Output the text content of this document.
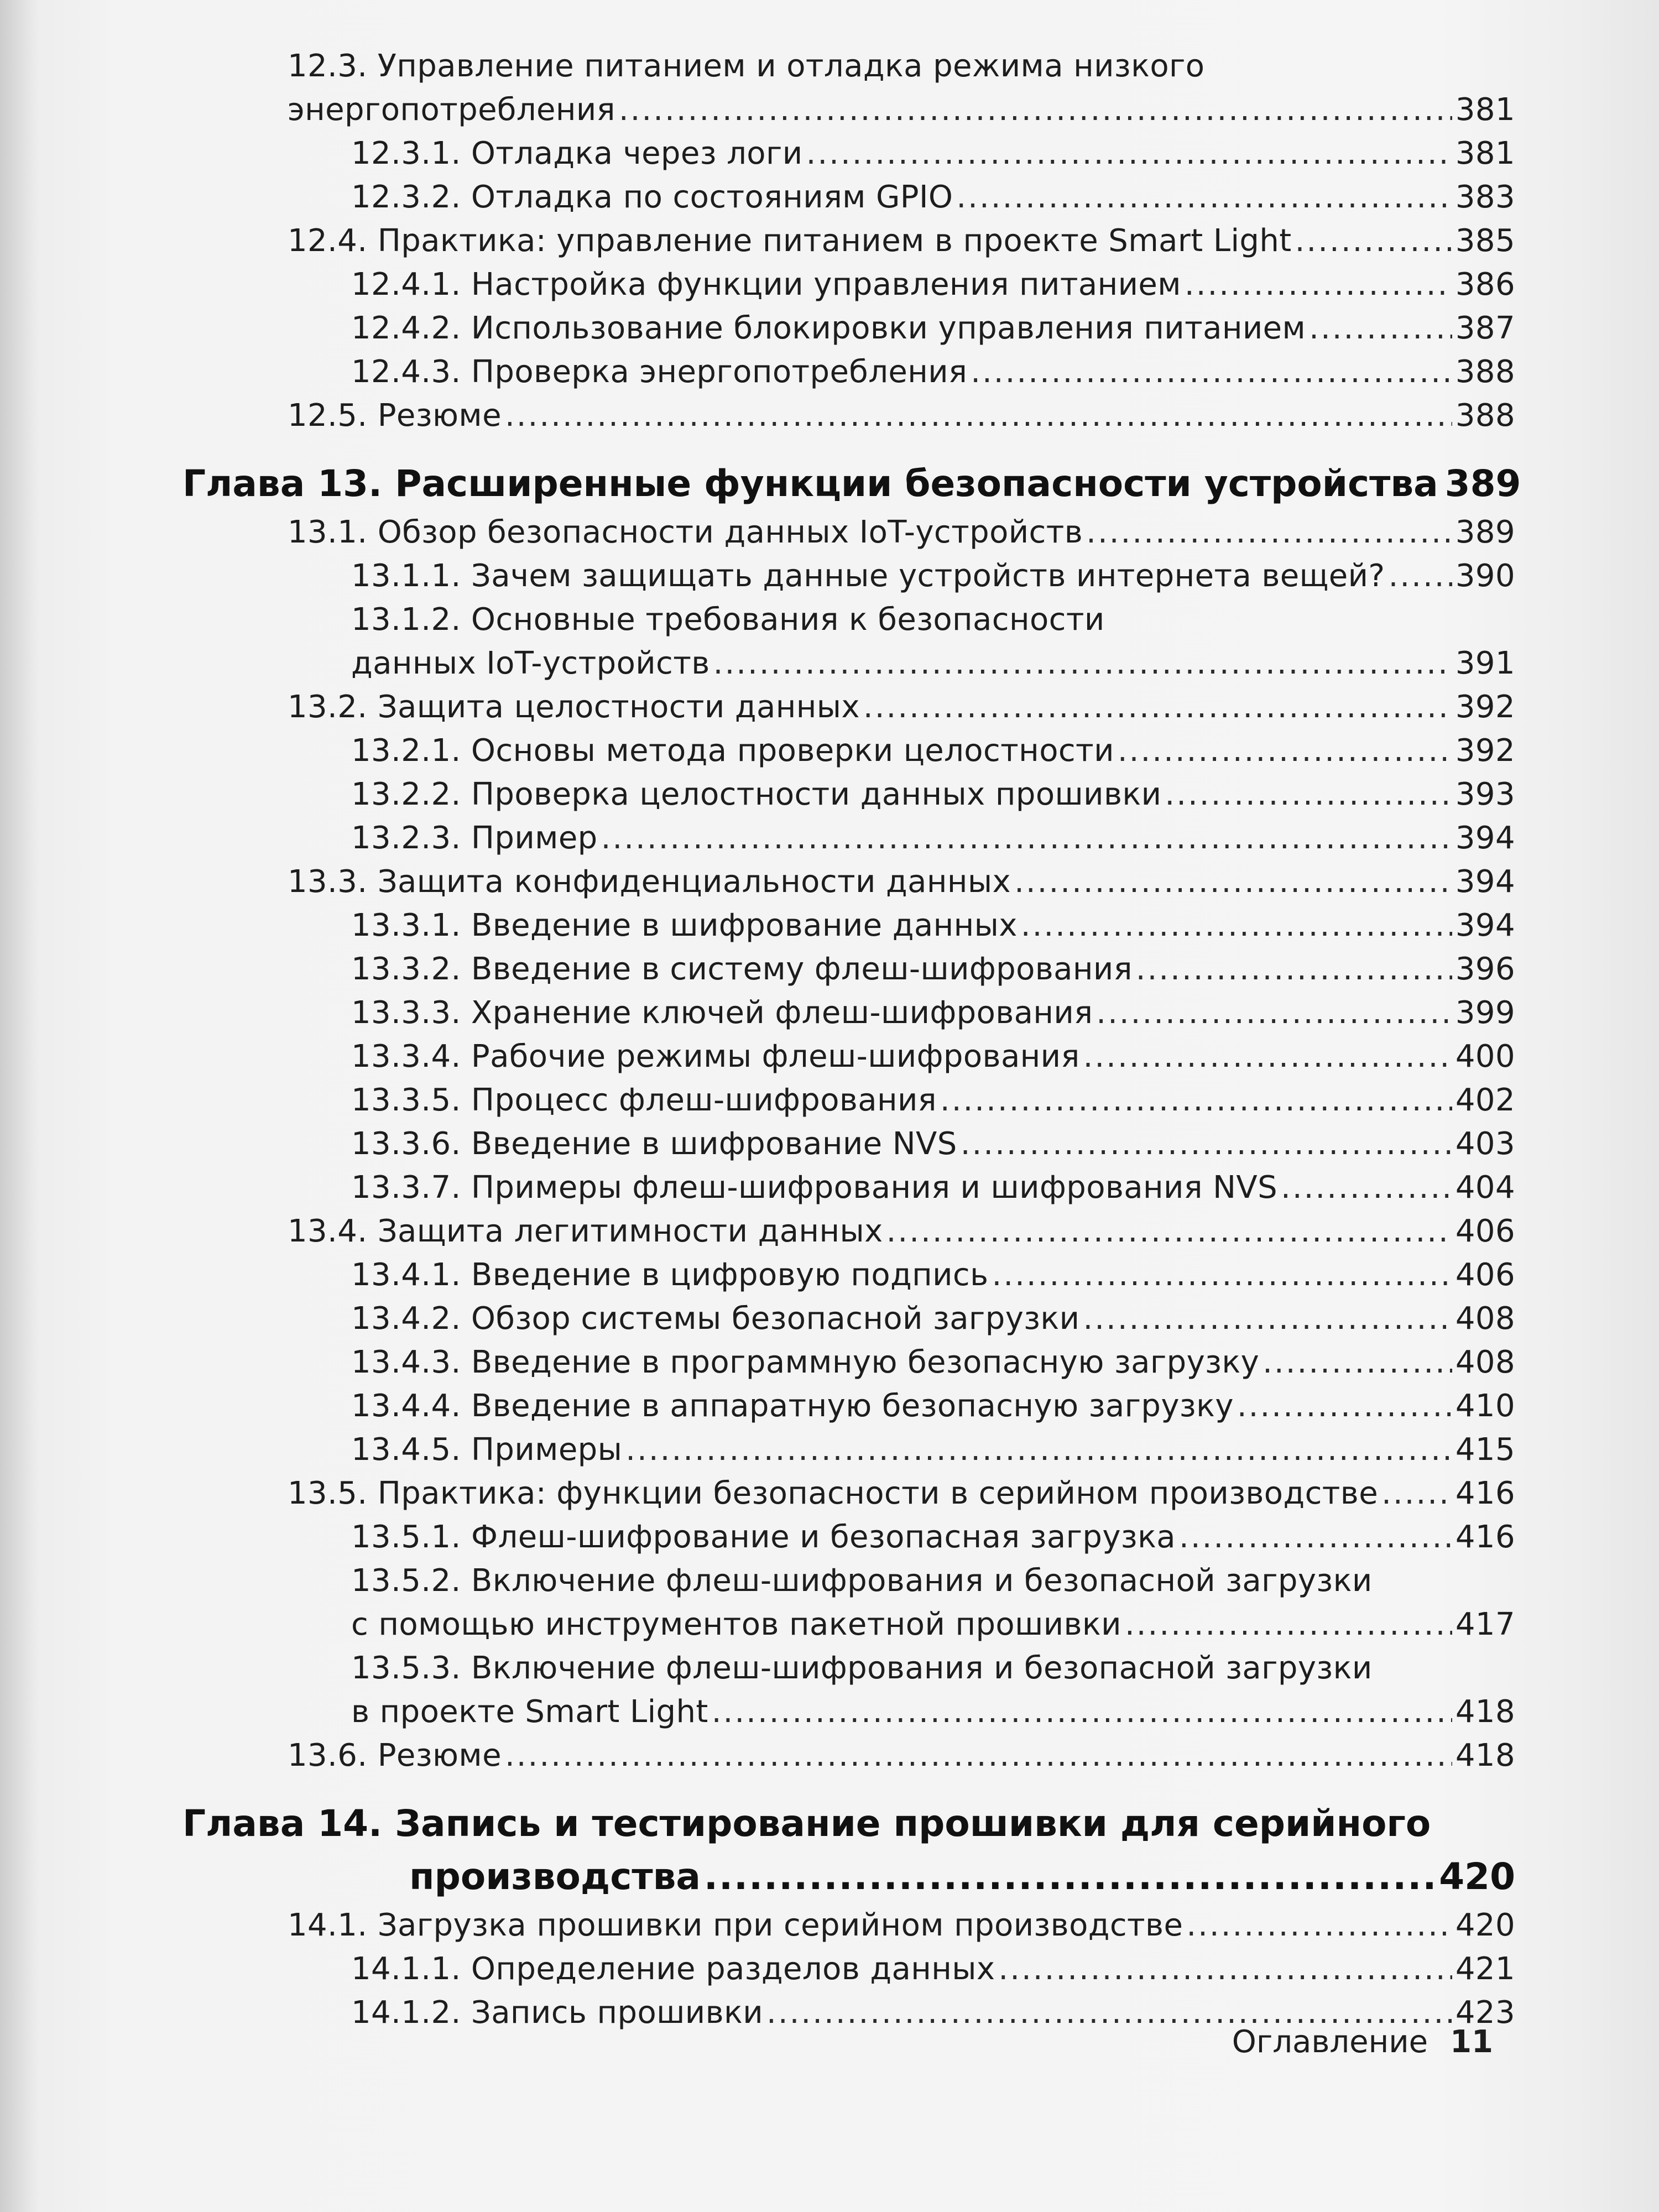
12.3. Управление питанием и отладка режима низкого
энергопотребления .....	381
12.3.1. Отладка через логи .....	381
12.3.2. Отладка по состояниям GPIO .....	383
12.4. Практика: управление питанием в проекте Smart Light .....	385
12.4.1. Настройка функции управления питанием .....	386
12.4.2. Использование блокировки управления питанием .....	387
12.4.3. Проверка энергопотребления .....	388
12.5. Резюме .....	388
Глава 13. Расширенные функции безопасности устройства 389
13.1. Обзор безопасности данных IoT-устройств .....	389
13.1.1. Зачем защищать данные устройств интернета вещей? ..... 390
13.1.2. Основные требования к безопасности
данных IoT-устройств .....	391
13.2. Защита целостности данных .....	392
13.2.1. Основы метода проверки целостности .....	392
13.2.2. Проверка целостности данных прошивки .....	393
13.2.3. Пример .....	394
13.3. Защита конфиденциальности данных .....	394
13.3.1. Введение в шифрование данных .....	394
13.3.2. Введение в систему флеш-шифрования .....	396
13.3.3. Хранение ключей флеш-шифрования .....	399
13.3.4. Рабочие режимы флеш-шифрования .....	400
13.3.5. Процесс флеш-шифрования .....	402
13.3.6. Введение в шифрование NVS .....	403
13.3.7. Примеры флеш-шифрования и шифрования NVS .....	404
13.4. Защита легитимности данных .....	406
13.4.1. Введение в цифровую подпись .....	406
13.4.2. Обзор системы безопасной загрузки .....	408
13.4.3. Введение в программную безопасную загрузку .....	408
13.4.4. Введение в аппаратную безопасную загрузку .....	410
13.4.5. Примеры .....	415
13.5. Практика: функции безопасности в серийном производстве ..... 416
13.5.1. Флеш-шифрование и безопасная загрузка .....	416
13.5.2. Включение флеш-шифрования и безопасной загрузки
с помощью инструментов пакетной прошивки .....	417
13.5.3. Включение флеш-шифрования и безопасной загрузки
в проекте Smart Light .....	418
13.6. Резюме .....	418
Глава 14. Запись и тестирование прошивки для серийного
производства .....	420
14.1. Загрузка прошивки при серийном производстве .....	420
14.1.1. Определение разделов данных .....	421
14.1.2. Запись прошивки .....	423
Оглавление 11
